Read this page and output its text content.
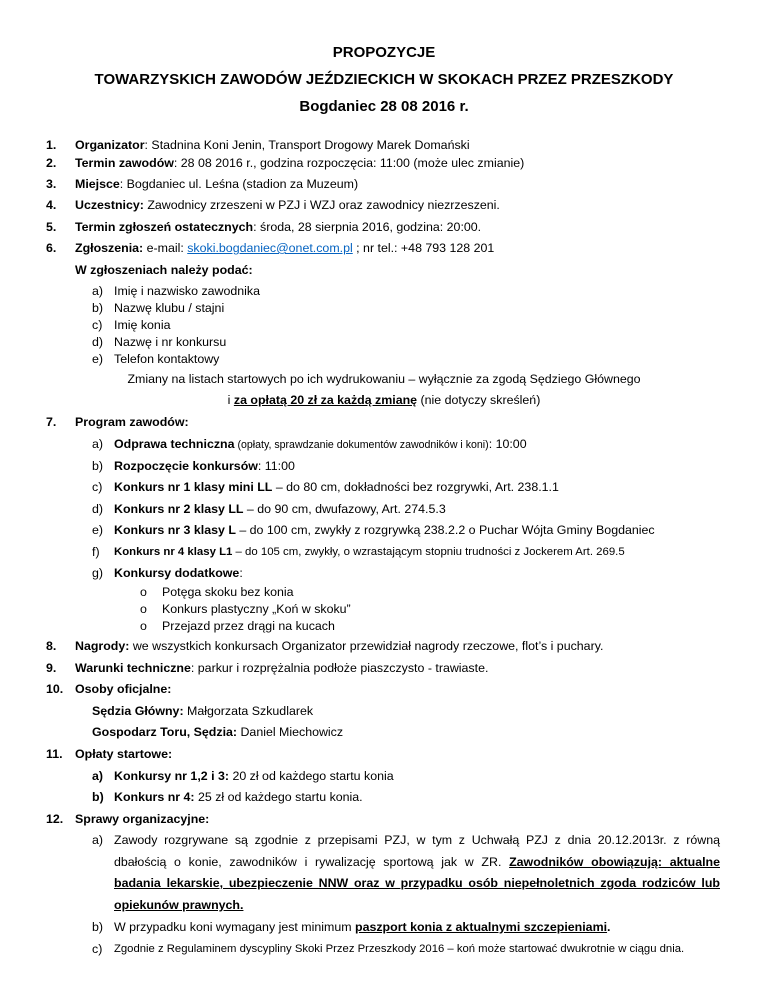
PROPOZYCJE
TOWARZYSKICH ZAWODÓW JEŹDZIECKICH W SKOKACH PRZEZ PRZESZKODY
Bogdaniec 28 08 2016 r.
1. Organizator: Stadnina Koni Jenin, Transport Drogowy Marek Domański
2. Termin zawodów: 28 08 2016 r., godzina rozpoczęcia: 11:00 (może ulec zmianie)
3. Miejsce: Bogdaniec ul. Leśna (stadion za Muzeum)
4. Uczestnicy: Zawodnicy zrzeszeni w PZJ i WZJ oraz zawodnicy niezrzeszeni.
5. Termin zgłoszeń ostatecznych: środa, 28 sierpnia 2016, godzina: 20:00.
6. Zgłoszenia: e-mail: skoki.bogdaniec@onet.com.pl ; nr tel.: +48 793 128 201
W zgłoszeniach należy podać:
a) Imię i nazwisko zawodnika
b) Nazwę klubu / stajni
c) Imię konia
d) Nazwę i nr konkursu
e) Telefon kontaktowy
Zmiany na listach startowych po ich wydrukowaniu – wyłącznie za zgodą Sędziego Głównego
i za opłatą 20 zł za każdą zmianę (nie dotyczy skreśleń)
7. Program zawodów:
a) Odprawa techniczna (opłaty, sprawdzanie dokumentów zawodników i koni): 10:00
b) Rozpoczęcie konkursów: 11:00
c) Konkurs nr 1 klasy mini LL – do 80 cm, dokładności bez rozgrywki, Art. 238.1.1
d) Konkurs nr 2 klasy LL – do 90 cm, dwufazowy, Art. 274.5.3
e) Konkurs nr 3 klasy L – do 100 cm, zwykły z rozgrywką 238.2.2 o Puchar Wójta Gminy Bogdaniec
f) Konkurs nr 4 klasy L1 – do 105 cm, zwykły, o wzrastającym stopniu trudności z Jockerem Art. 269.5
g) Konkursy dodatkowe:
o Potęga skoku bez konia
o Konkurs plastyczny „Koń w skoku”
o Przejazd przez drągi na kucach
8. Nagrody: we wszystkich konkursach Organizator przewidział nagrody rzeczowe, flot’s i puchary.
9. Warunki techniczne: parkur i rozprężalnia podłoże piaszczysto - trawiaste.
10. Osoby oficjalne:
Sędzia Główny: Małgorzata Szkudlarek
Gospodarz Toru, Sędzia: Daniel Miechowicz
11. Opłaty startowe:
a) Konkursy nr 1,2 i 3: 20 zł od każdego startu konia
b) Konkurs nr 4: 25 zł od każdego startu konia.
12. Sprawy organizacyjne:
a) Zawody rozgrywane są zgodnie z przepisami PZJ, w tym z Uchwałą PZJ z dnia 20.12.2013r. z równą
dbałością o konie, zawodników i rywalizację sportową jak w ZR. Zawodników obowiązują: aktualne
badania lekarskie, ubezpieczenie NNW oraz w przypadku osób niepełnoletnich zgoda rodziców lub
opiekunów prawnych.
b) W przypadku koni wymagany jest minimum paszport konia z aktualnymi szczepieniami.
c) Zgodnie z Regulaminem dyscypliny Skoki Przez Przeszkody 2016 – koń może startować dwukrotnie w ciągu dnia.
